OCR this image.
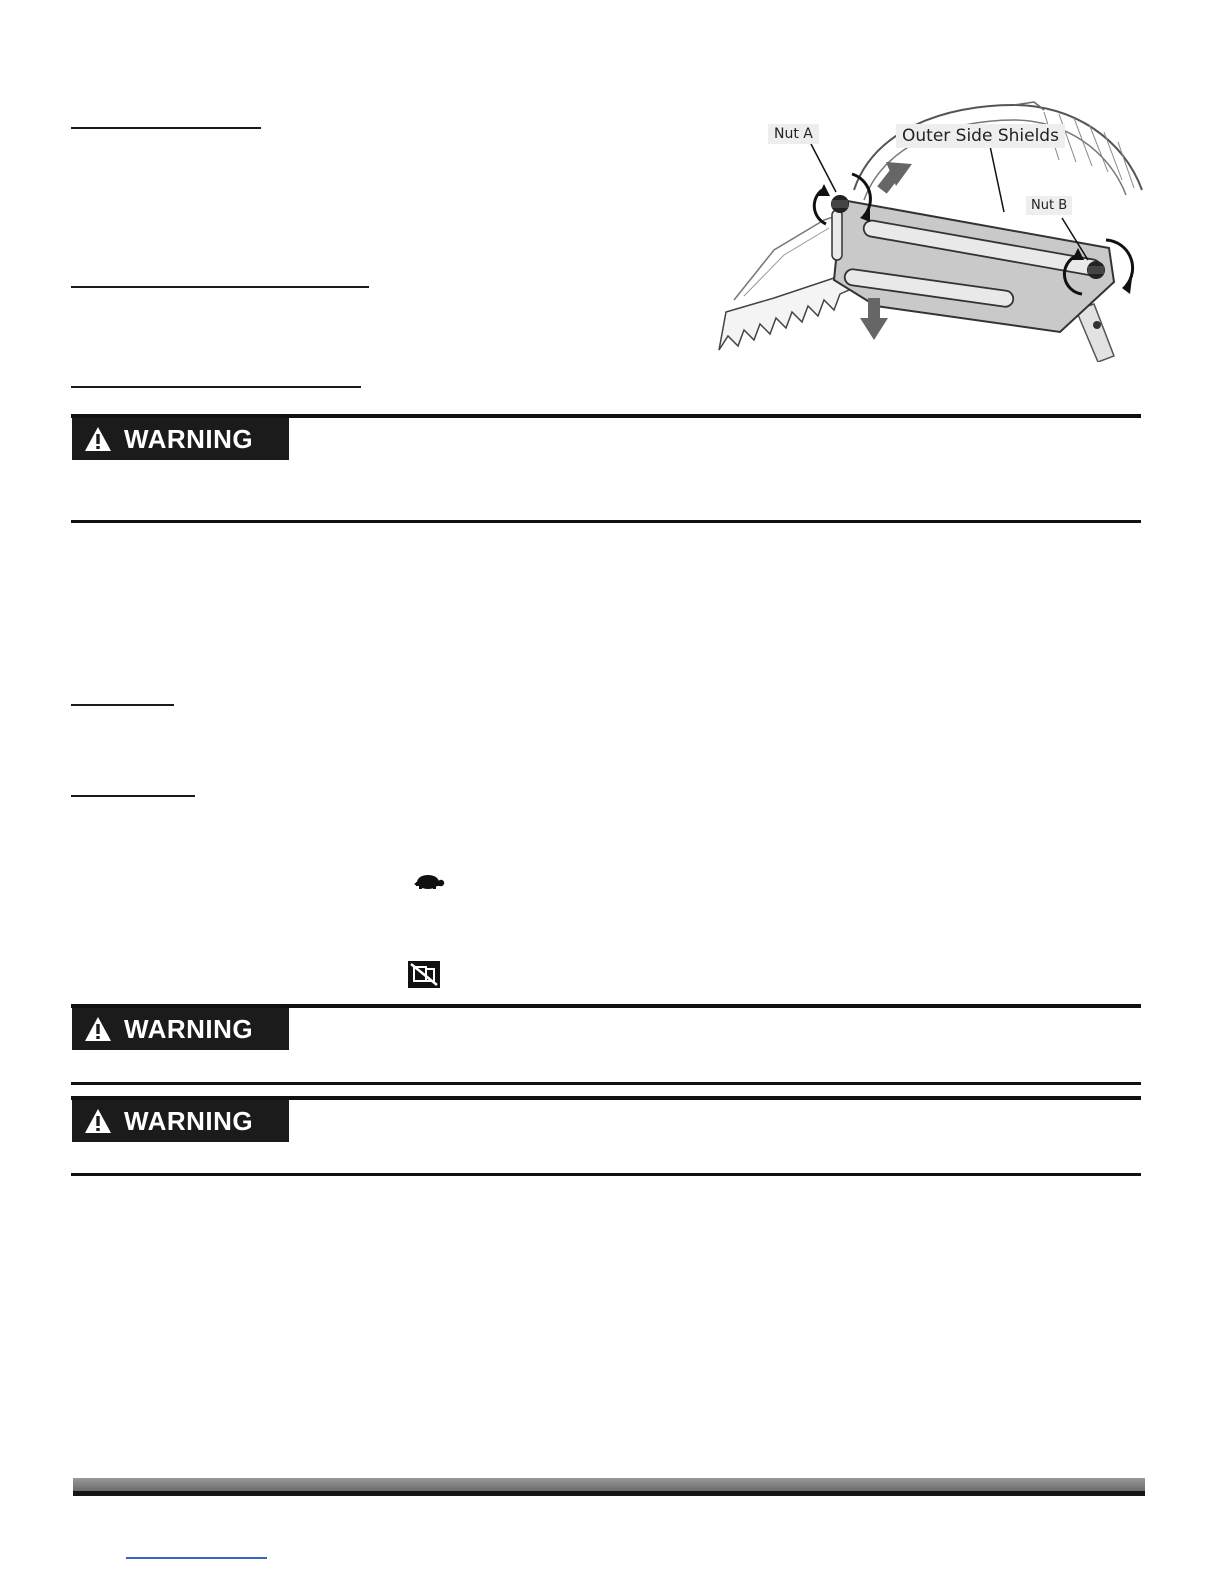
Nut A	Outer Side Shields
Nut B
WARNING
WARNING
WARNING
